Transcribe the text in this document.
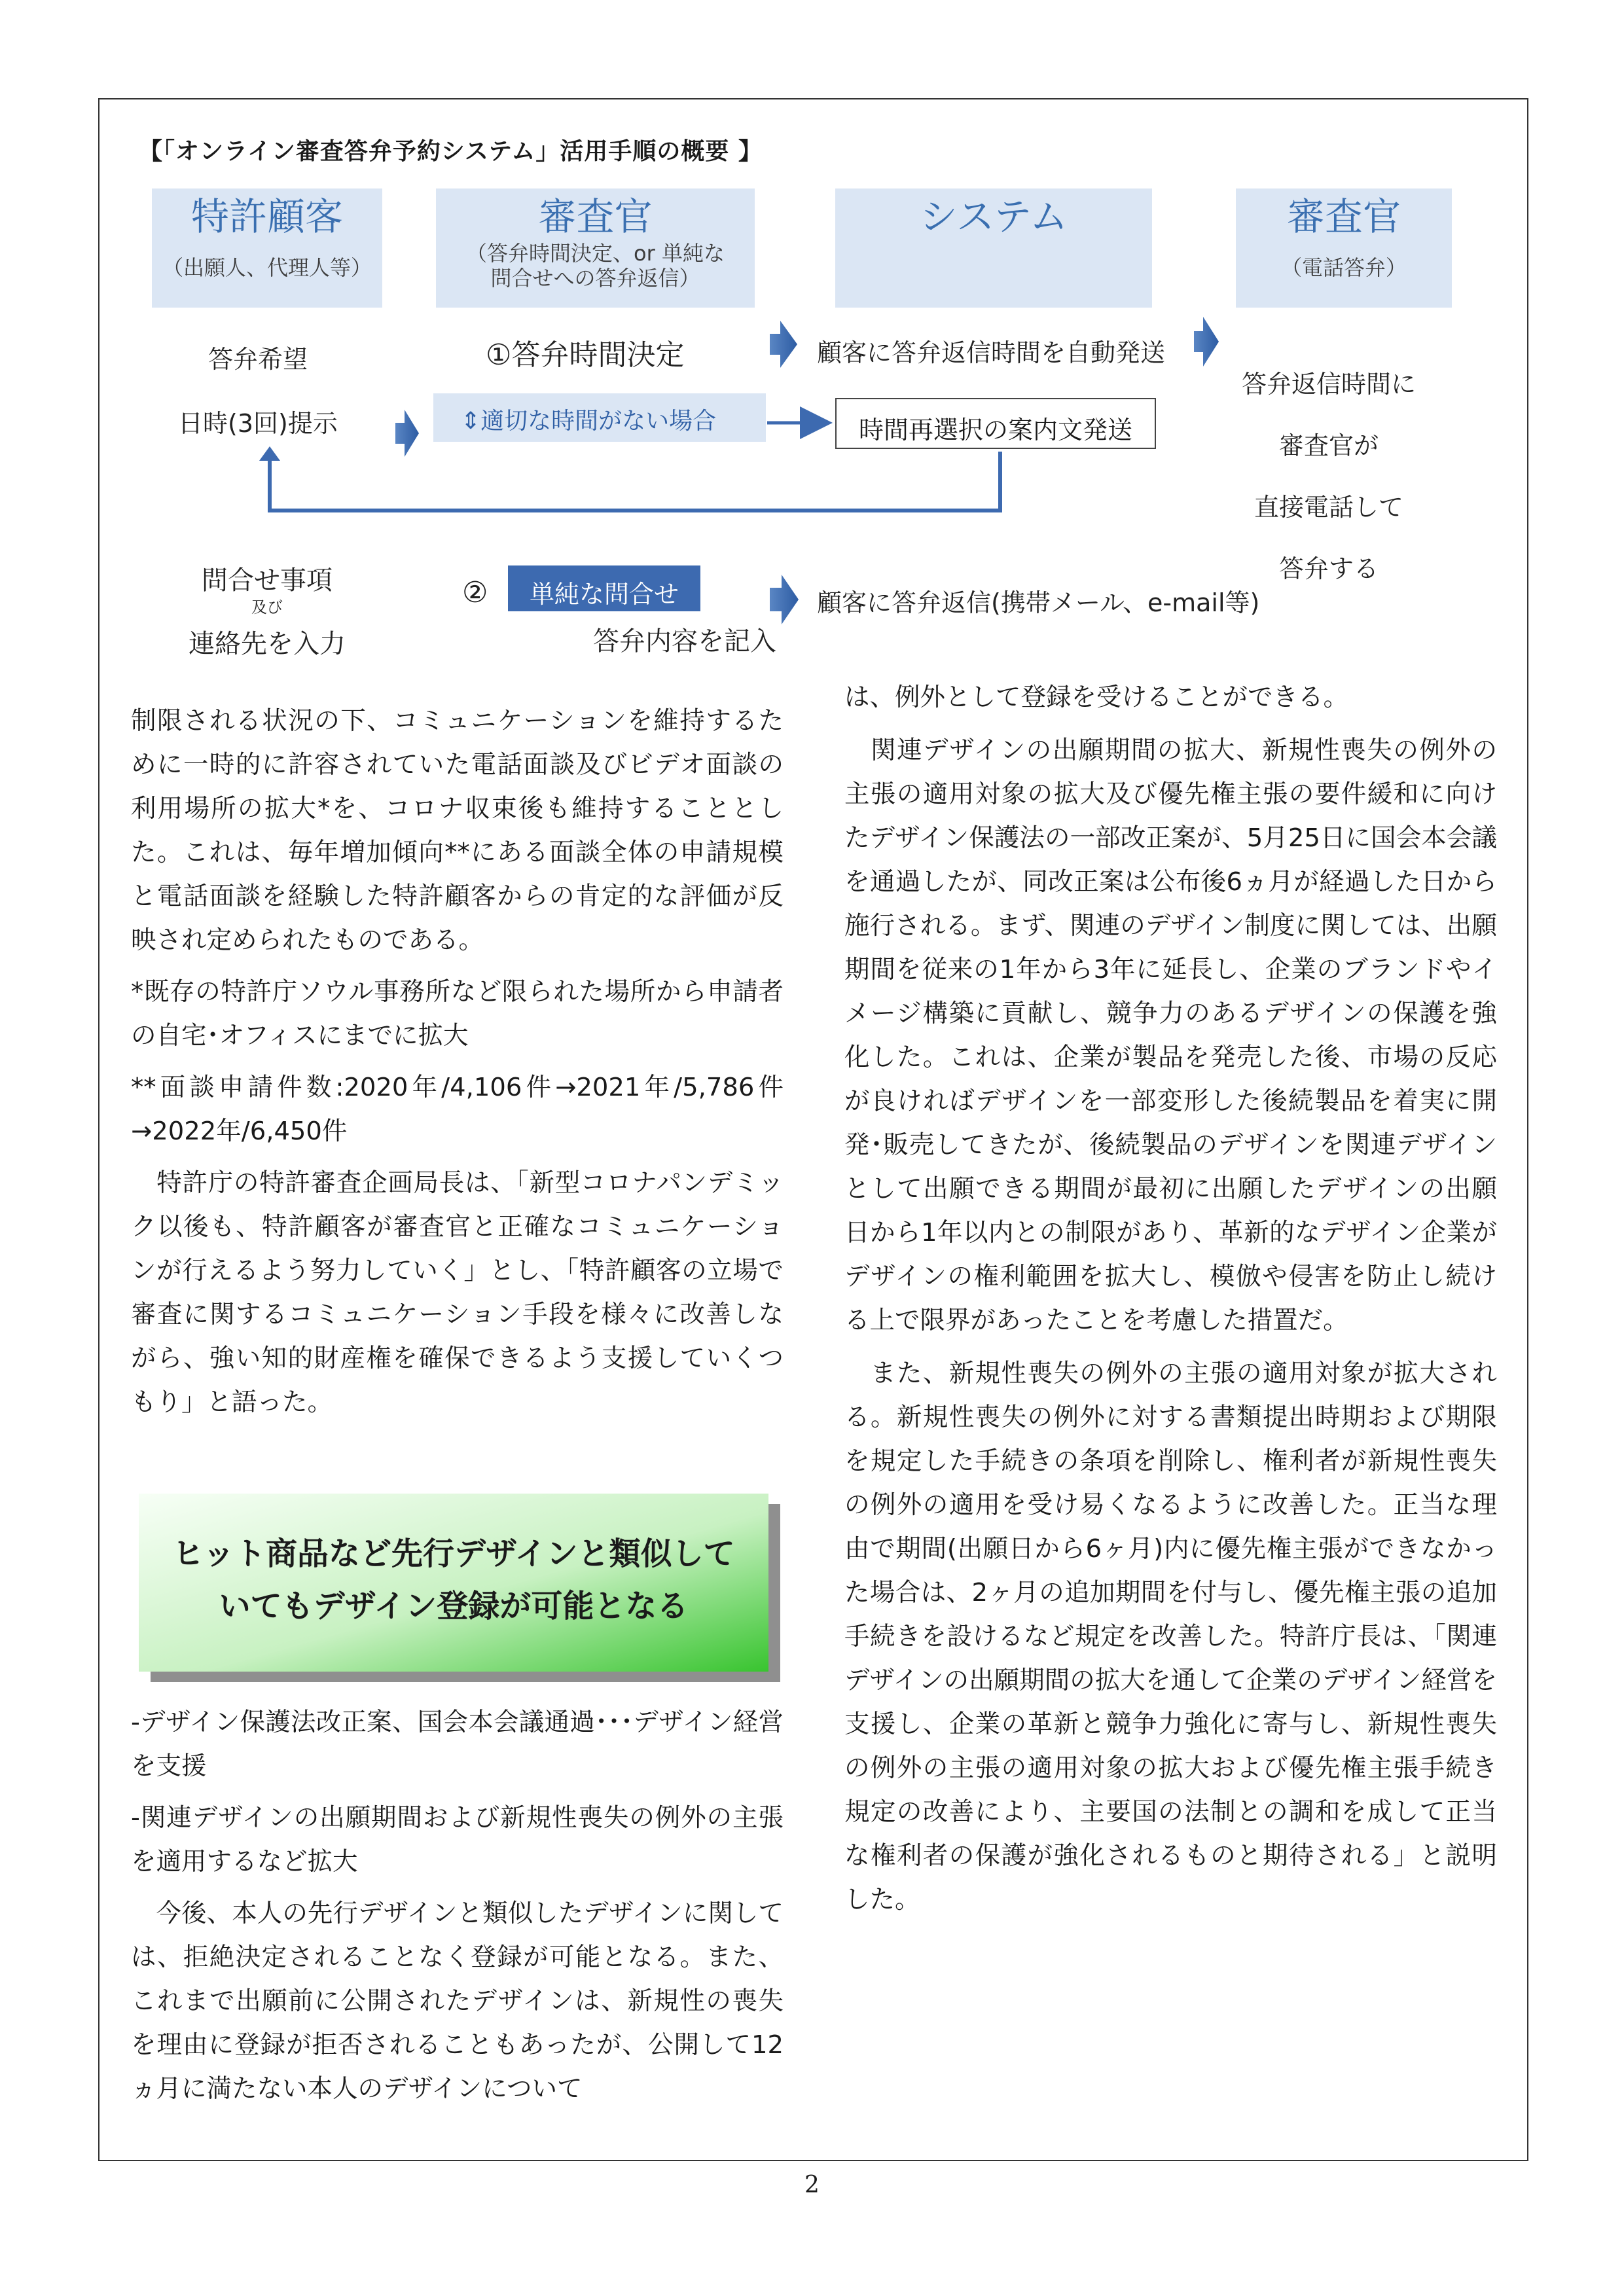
【「オンライン審査答弁予約システム」活用手順の概要 】
特許顧客
（出願人、代理人等）
審査官
（答弁時間決定、or 単純な
問合せへの答弁返信）
システム	審査官
（電話答弁）
答弁希望
日時(3回)提示
①答弁時間決定	顧客に答弁返信時間を自動発送
⇕適切な時間がない場合	時間再選択の案内文発送
問合せ事項
及び
連絡先を入力
②	単純な問合せ
答弁内容を記入
顧客に答弁返信(携帯メール、e-mail等)
答弁返信時間に
審査官が
直接電話して
答弁する

制限される状況の下、コミュニケーションを維持するために一時的に許容されていた電話面談及びビデオ面談の利用場所の拡大*を、コロナ収束後も維持することとした。これは、毎年増加傾向**にある面談全体の申請規模と電話面談を経験した特許顧客からの肯定的な評価が反映され定められたものである。

*既存の特許庁ソウル事務所など限られた場所から申請者の自宅･オフィスにまでに拡大

**面談申請件数:2020年/4,106件→2021年/5,786件→2022年/6,450件

　特許庁の特許審査企画局長は、「新型コロナパンデミック以後も、特許顧客が審査官と正確なコミュニケーションが行えるよう努力していく」とし、「特許顧客の立場で審査に関するコミュニケーション手段を様々に改善しながら、強い知的財産権を確保できるよう支援していくつもり」と語った。

ヒット商品など先行デザインと類似して
いてもデザイン登録が可能となる

-デザイン保護法改正案、国会本会議通過･･･デザイン経営を支援

-関連デザインの出願期間および新規性喪失の例外の主張を適用するなど拡大

　今後、本人の先行デザインと類似したデザインに関しては、拒絶決定されることなく登録が可能となる。また、これまで出願前に公開されたデザインは、新規性の喪失を理由に登録が拒否されることもあったが、公開して12ヵ月に満たない本人のデザインについて

は、例外として登録を受けることができる。

　関連デザインの出願期間の拡大、新規性喪失の例外の主張の適用対象の拡大及び優先権主張の要件緩和に向けたデザイン保護法の一部改正案が、5月25日に国会本会議を通過したが、同改正案は公布後6ヵ月が経過した日から施行される。まず、関連のデザイン制度に関しては、出願期間を従来の1年から3年に延長し、企業のブランドやイメージ構築に貢献し、競争力のあるデザインの保護を強化した。これは、企業が製品を発売した後、市場の反応が良ければデザインを一部変形した後続製品を着実に開発･販売してきたが、後続製品のデザインを関連デザインとして出願できる期間が最初に出願したデザインの出願日から1年以内との制限があり、革新的なデザイン企業がデザインの権利範囲を拡大し、模倣や侵害を防止し続ける上で限界があったことを考慮した措置だ。

　また、新規性喪失の例外の主張の適用対象が拡大される。新規性喪失の例外に対する書類提出時期および期限を規定した手続きの条項を削除し、権利者が新規性喪失の例外の適用を受け易くなるように改善した。正当な理由で期間(出願日から6ヶ月)内に優先権主張ができなかった場合は、2ヶ月の追加期間を付与し、優先権主張の追加手続きを設けるなど規定を改善した。特許庁長は、「関連デザインの出願期間の拡大を通して企業のデザイン経営を支援し、企業の革新と競争力強化に寄与し、新規性喪失の例外の主張の適用対象の拡大および優先権主張手続き規定の改善により、主要国の法制との調和を成して正当な権利者の保護が強化されるものと期待される」と説明した。

2
